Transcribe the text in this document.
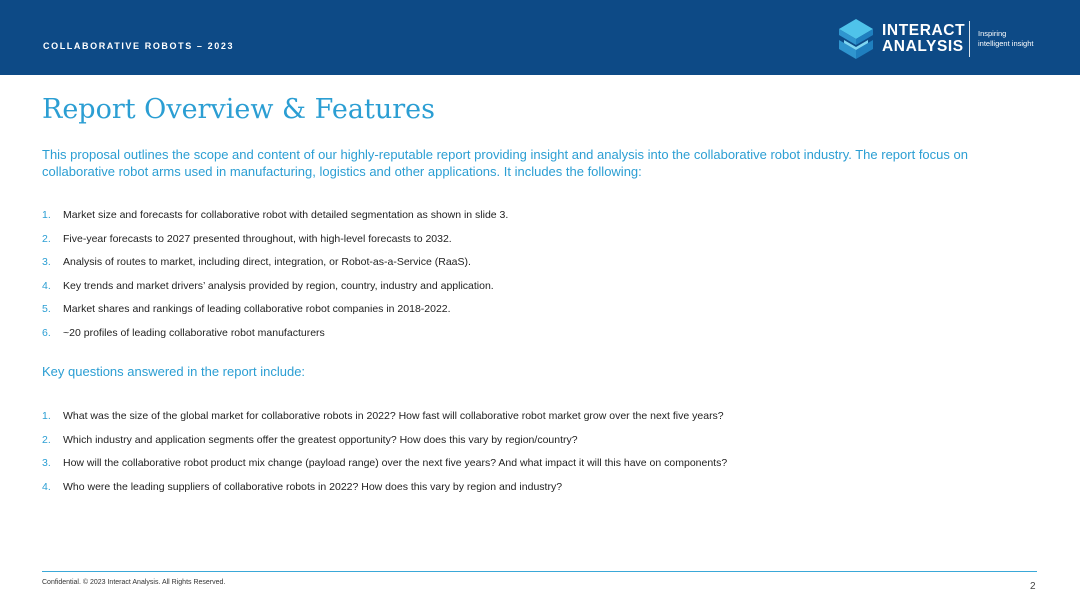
COLLABORATIVE ROBOTS – 2023
INTERACT
ANALYSIS
Inspiring
intelligent insight
Report Overview & Features
This proposal outlines the scope and content of our highly-reputable report providing insight and analysis into the collaborative robot industry. The report focus on collaborative robot arms used in manufacturing, logistics and other applications. It includes the following:
1. Market size and forecasts for collaborative robot with detailed segmentation as shown in slide 3.
2. Five-year forecasts to 2027 presented throughout, with high-level forecasts to 2032.
3. Analysis of routes to market, including direct, integration, or Robot-as-a-Service (RaaS).
4. Key trends and market drivers’ analysis provided by region, country, industry and application.
5. Market shares and rankings of leading collaborative robot companies in 2018-2022.
6. ~20 profiles of leading collaborative robot manufacturers
Key questions answered in the report include:
1. What was the size of the global market for collaborative robots in 2022? How fast will collaborative robot market grow over the next five years?
2. Which industry and application segments offer the greatest opportunity? How does this vary by region/country?
3. How will the collaborative robot product mix change (payload range) over the next five years? And what impact it will this have on components?
4. Who were the leading suppliers of collaborative robots in 2022? How does this vary by region and industry?
Confidential. © 2023 Interact Analysis. All Rights Reserved.	2
